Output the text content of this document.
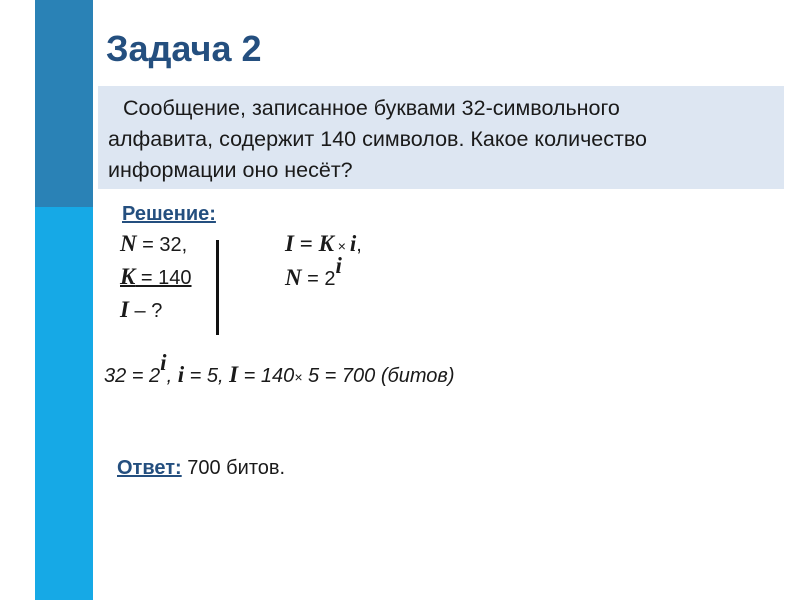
Задача 2
Сообщение, записанное буквами 32-символьного
алфавита, содержит 140 символов. Какое количество
информации оно несёт?
Решение:
N = 32,
K = 140
I – ?
I = K × i,
N = 2i
32 = 2i, i = 5, I = 140× 5 = 700 (битов)
Ответ: 700 битов.
